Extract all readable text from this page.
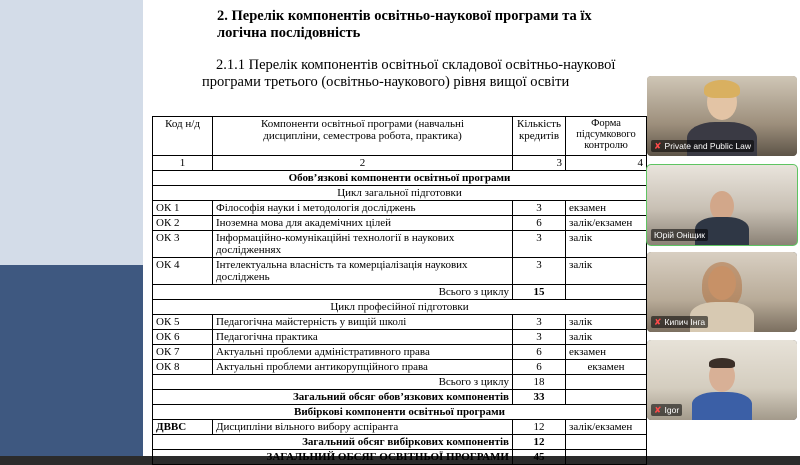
2. Перелік компонентів освітньо-наукової програми та їх
логічна послідовність
2.1.1 Перелік компонентів освітньої складової освітньо-наукової
програми третього (освітньо-наукового) рівня вищої освіти
Код н/д	Компоненти освітньої програми (навчальні
дисципліни, семестрова робота, практика)	Кількість
кредитів	Форма
підсумкового
контролю
1	2	3	4
Обов’язкові компоненти освітньої програми			
Цикл загальної підготовки			
ОК 1	Філософія науки і методологія досліджень	3	екзамен
ОК 2	Іноземна мова для академічних цілей	6	залік/екзамен
ОК 3	Інформаційно-комунікаційні технології в наукових
дослідженнях	3	залік
ОК 4	Інтелектуальна власність та комерціалізація наукових
досліджень	3	залік
Всього з циклу		15	
Цикл професійної підготовки			
ОК 5	Педагогічна майстерність у вищій школі	3	залік
ОК 6	Педагогічна практика	3	залік
ОК 7	Актуальні проблеми адміністративного права	6	екзамен
ОК 8	Актуальні проблеми антикорупційного права	6	екзамен
Всього з циклу		18	
Загальний обсяг обов’язкових компонентів		33	
Вибіркові компоненти освітньої програми			
ДВВС	Дисципліни вільного вибору аспіранта	12	залік/екзамен
Загальний обсяг вибіркових компонентів		12	
ЗАГАЛЬНИЙ ОБСЯГ ОСВІТНЬОЇ ПРОГРАМИ		45	
✘ Private and Public Law
Юрій Оніщик
✘ Кипич Інга
✘ Igor
